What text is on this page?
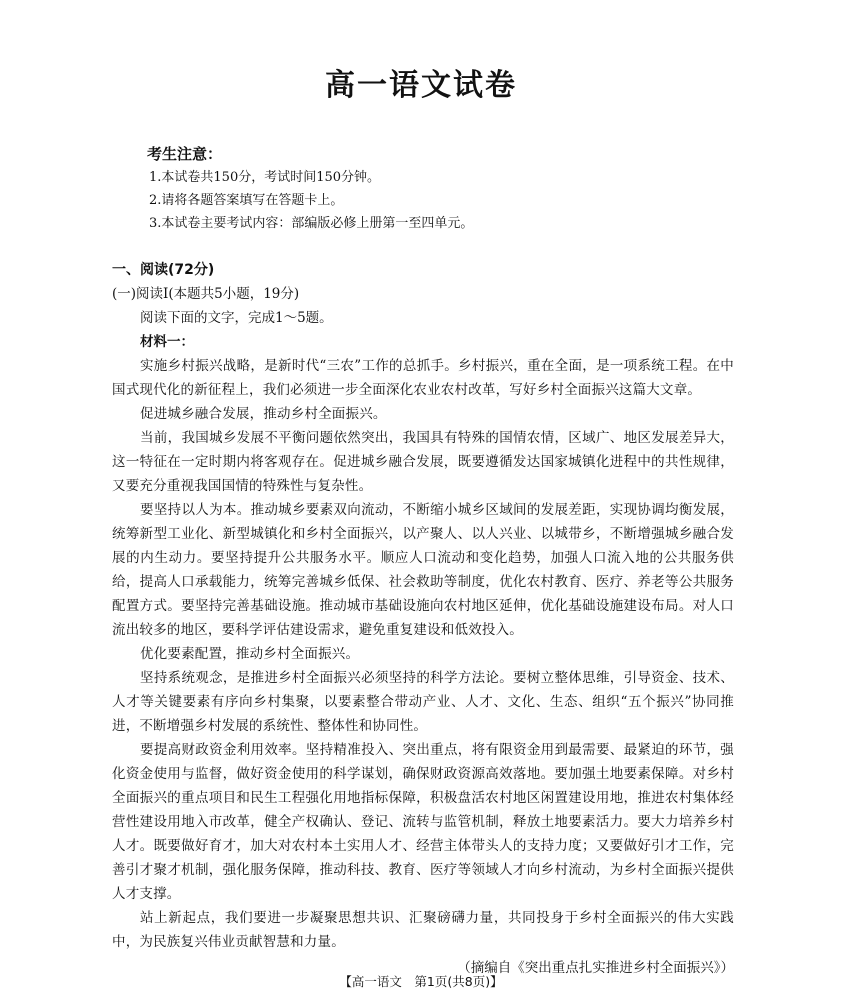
高一语文试卷
考生注意：
1.本试卷共150分，考试时间150分钟。
2.请将各题答案填写在答题卡上。
3.本试卷主要考试内容：部编版必修上册第一至四单元。
一、阅读(72分)
(一)阅读Ⅰ(本题共5小题，19分)
阅读下面的文字，完成1～5题。
材料一：

实施乡村振兴战略，是新时代“三农”工作的总抓手。乡村振兴，重在全面，是一项系统工程。在中国式现代化的新征程上，我们必须进一步全面深化农业农村改革，写好乡村全面振兴这篇大文章。

促进城乡融合发展，推动乡村全面振兴。

当前，我国城乡发展不平衡问题依然突出，我国具有特殊的国情农情，区域广、地区发展差异大，这一特征在一定时期内将客观存在。促进城乡融合发展，既要遵循发达国家城镇化进程中的共性规律，又要充分重视我国国情的特殊性与复杂性。

要坚持以人为本。推动城乡要素双向流动，不断缩小城乡区域间的发展差距，实现协调均衡发展，统筹新型工业化、新型城镇化和乡村全面振兴，以产聚人、以人兴业、以城带乡，不断增强城乡融合发展的内生动力。要坚持提升公共服务水平。顺应人口流动和变化趋势，加强人口流入地的公共服务供给，提高人口承载能力，统筹完善城乡低保、社会救助等制度，优化农村教育、医疗、养老等公共服务配置方式。要坚持完善基础设施。推动城市基础设施向农村地区延伸，优化基础设施建设布局。对人口流出较多的地区，要科学评估建设需求，避免重复建设和低效投入。

优化要素配置，推动乡村全面振兴。

坚持系统观念，是推进乡村全面振兴必须坚持的科学方法论。要树立整体思维，引导资金、技术、人才等关键要素有序向乡村集聚，以要素整合带动产业、人才、文化、生态、组织“五个振兴”协同推进，不断增强乡村发展的系统性、整体性和协同性。

要提高财政资金利用效率。坚持精准投入、突出重点，将有限资金用到最需要、最紧迫的环节，强化资金使用与监督，做好资金使用的科学谋划，确保财政资源高效落地。要加强土地要素保障。对乡村全面振兴的重点项目和民生工程强化用地指标保障，积极盘活农村地区闲置建设用地，推进农村集体经营性建设用地入市改革，健全产权确认、登记、流转与监管机制，释放土地要素活力。要大力培养乡村人才。既要做好育才，加大对农村本土实用人才、经营主体带头人的支持力度；又要做好引才工作，完善引才聚才机制，强化服务保障，推动科技、教育、医疗等领域人才向乡村流动，为乡村全面振兴提供人才支撑。

站上新起点，我们要进一步凝聚思想共识、汇聚磅礴力量，共同投身于乡村全面振兴的伟大实践中，为民族复兴伟业贡献智慧和力量。

（摘编自《突出重点扎实推进乡村全面振兴》）
【高一语文　第1页(共8页)】
